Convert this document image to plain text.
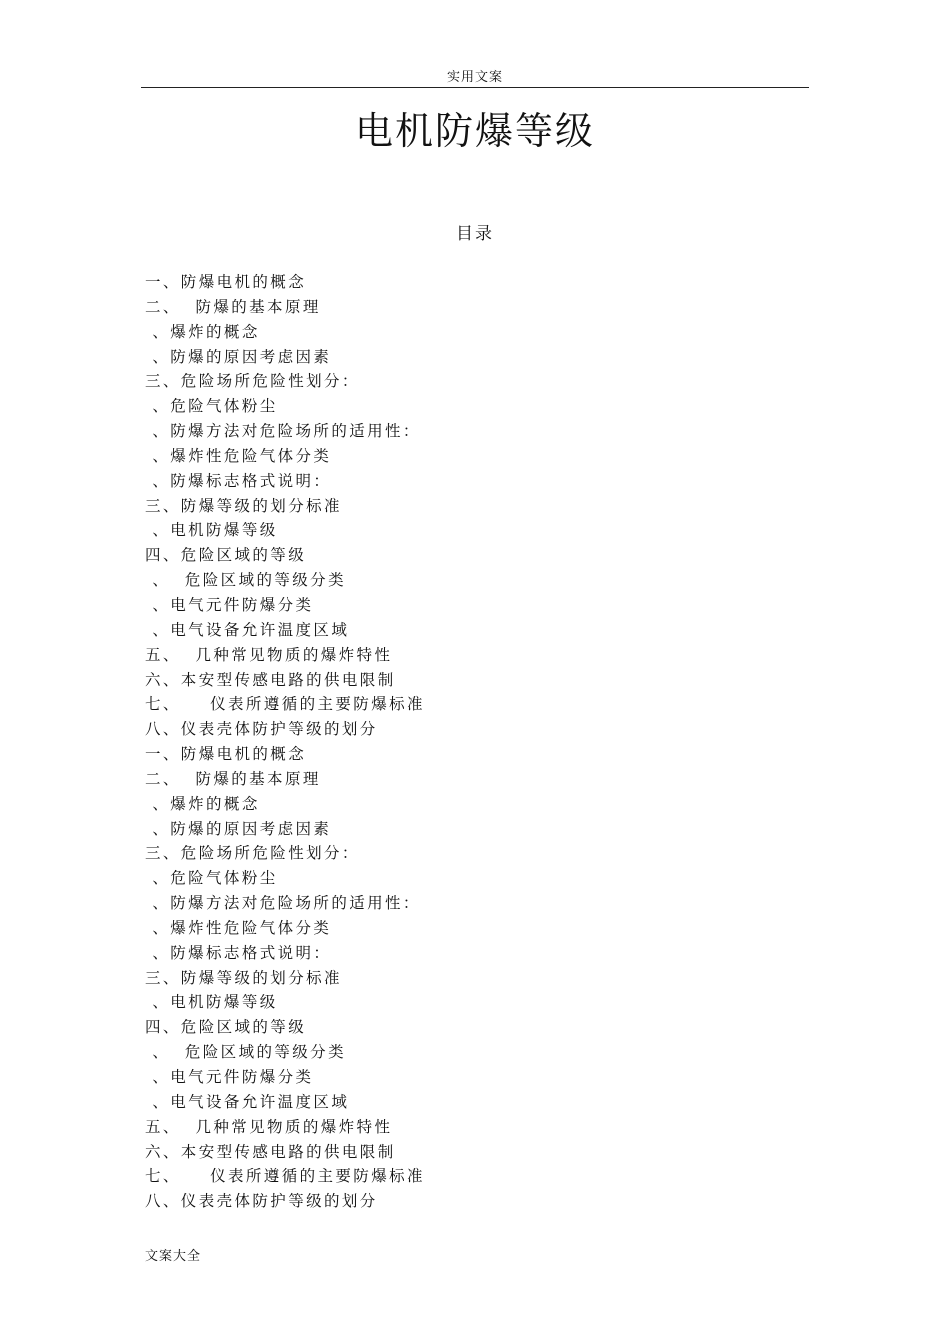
实用文案
电机防爆等级
目录
一、防爆电机的概念
二、  防爆的基本原理
、爆炸的概念
、防爆的原因考虑因素
三、危险场所危险性划分：
、危险气体粉尘
、防爆方法对危险场所的适用性：
、爆炸性危险气体分类
、防爆标志格式说明：
三、防爆等级的划分标准
、电机防爆等级
四、危险区域的等级
、  危险区域的等级分类
、电气元件防爆分类
、电气设备允许温度区域
五、  几种常见物质的爆炸特性
六、本安型传感电路的供电限制
七、    仪表所遵循的主要防爆标准
八、仪表壳体防护等级的划分
一、防爆电机的概念
二、  防爆的基本原理
、爆炸的概念
、防爆的原因考虑因素
三、危险场所危险性划分：
、危险气体粉尘
、防爆方法对危险场所的适用性：
、爆炸性危险气体分类
、防爆标志格式说明：
三、防爆等级的划分标准
、电机防爆等级
四、危险区域的等级
、  危险区域的等级分类
、电气元件防爆分类
、电气设备允许温度区域
五、  几种常见物质的爆炸特性
六、本安型传感电路的供电限制
七、    仪表所遵循的主要防爆标准
八、仪表壳体防护等级的划分
文案大全
